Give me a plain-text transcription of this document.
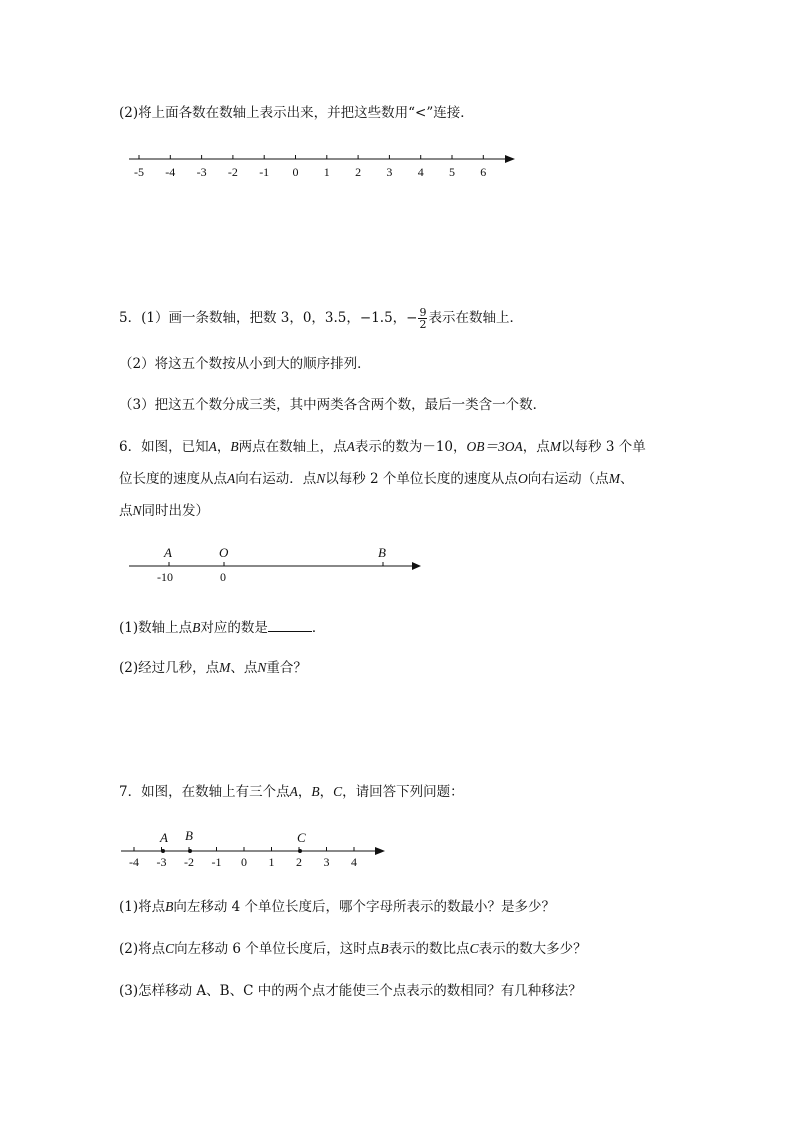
(2)将上面各数在数轴上表示出来，并把这些数用“<”连接．
-5 -4 -3 -2 -1 0 1 2 3 4 5 6
5．(1）画一条数轴，把数 3，0，3.5，−1.5，− $\frac{9}{2}$ 表示在数轴上．
（2）将这五个数按从小到大的顺序排列．
（3）把这五个数分成三类，其中两类各含两个数，最后一类含一个数．
6．如图，已知A，B两点在数轴上，点A表示的数为－10，OB＝3OA，点M以每秒 3 个单
位长度的速度从点A向右运动．点N以每秒 2 个单位长度的速度从点O向右运动（点M、
点N同时出发）
A	O	B
-10	0
(1)数轴上点B对应的数是	．
(2)经过几秒，点M、点N重合？
7．如图，在数轴上有三个点A，B，C，请回答下列问题：
-4 -3 -2 -1 0 1 2 3 4
A B	C
(1)将点B向左移动 4 个单位长度后，哪个字母所表示的数最小？是多少？
(2)将点C向左移动 6 个单位长度后，这时点B表示的数比点C表示的数大多少？
(3)怎样移动 A、B、C 中的两个点才能使三个点表示的数相同？有几种移法？
